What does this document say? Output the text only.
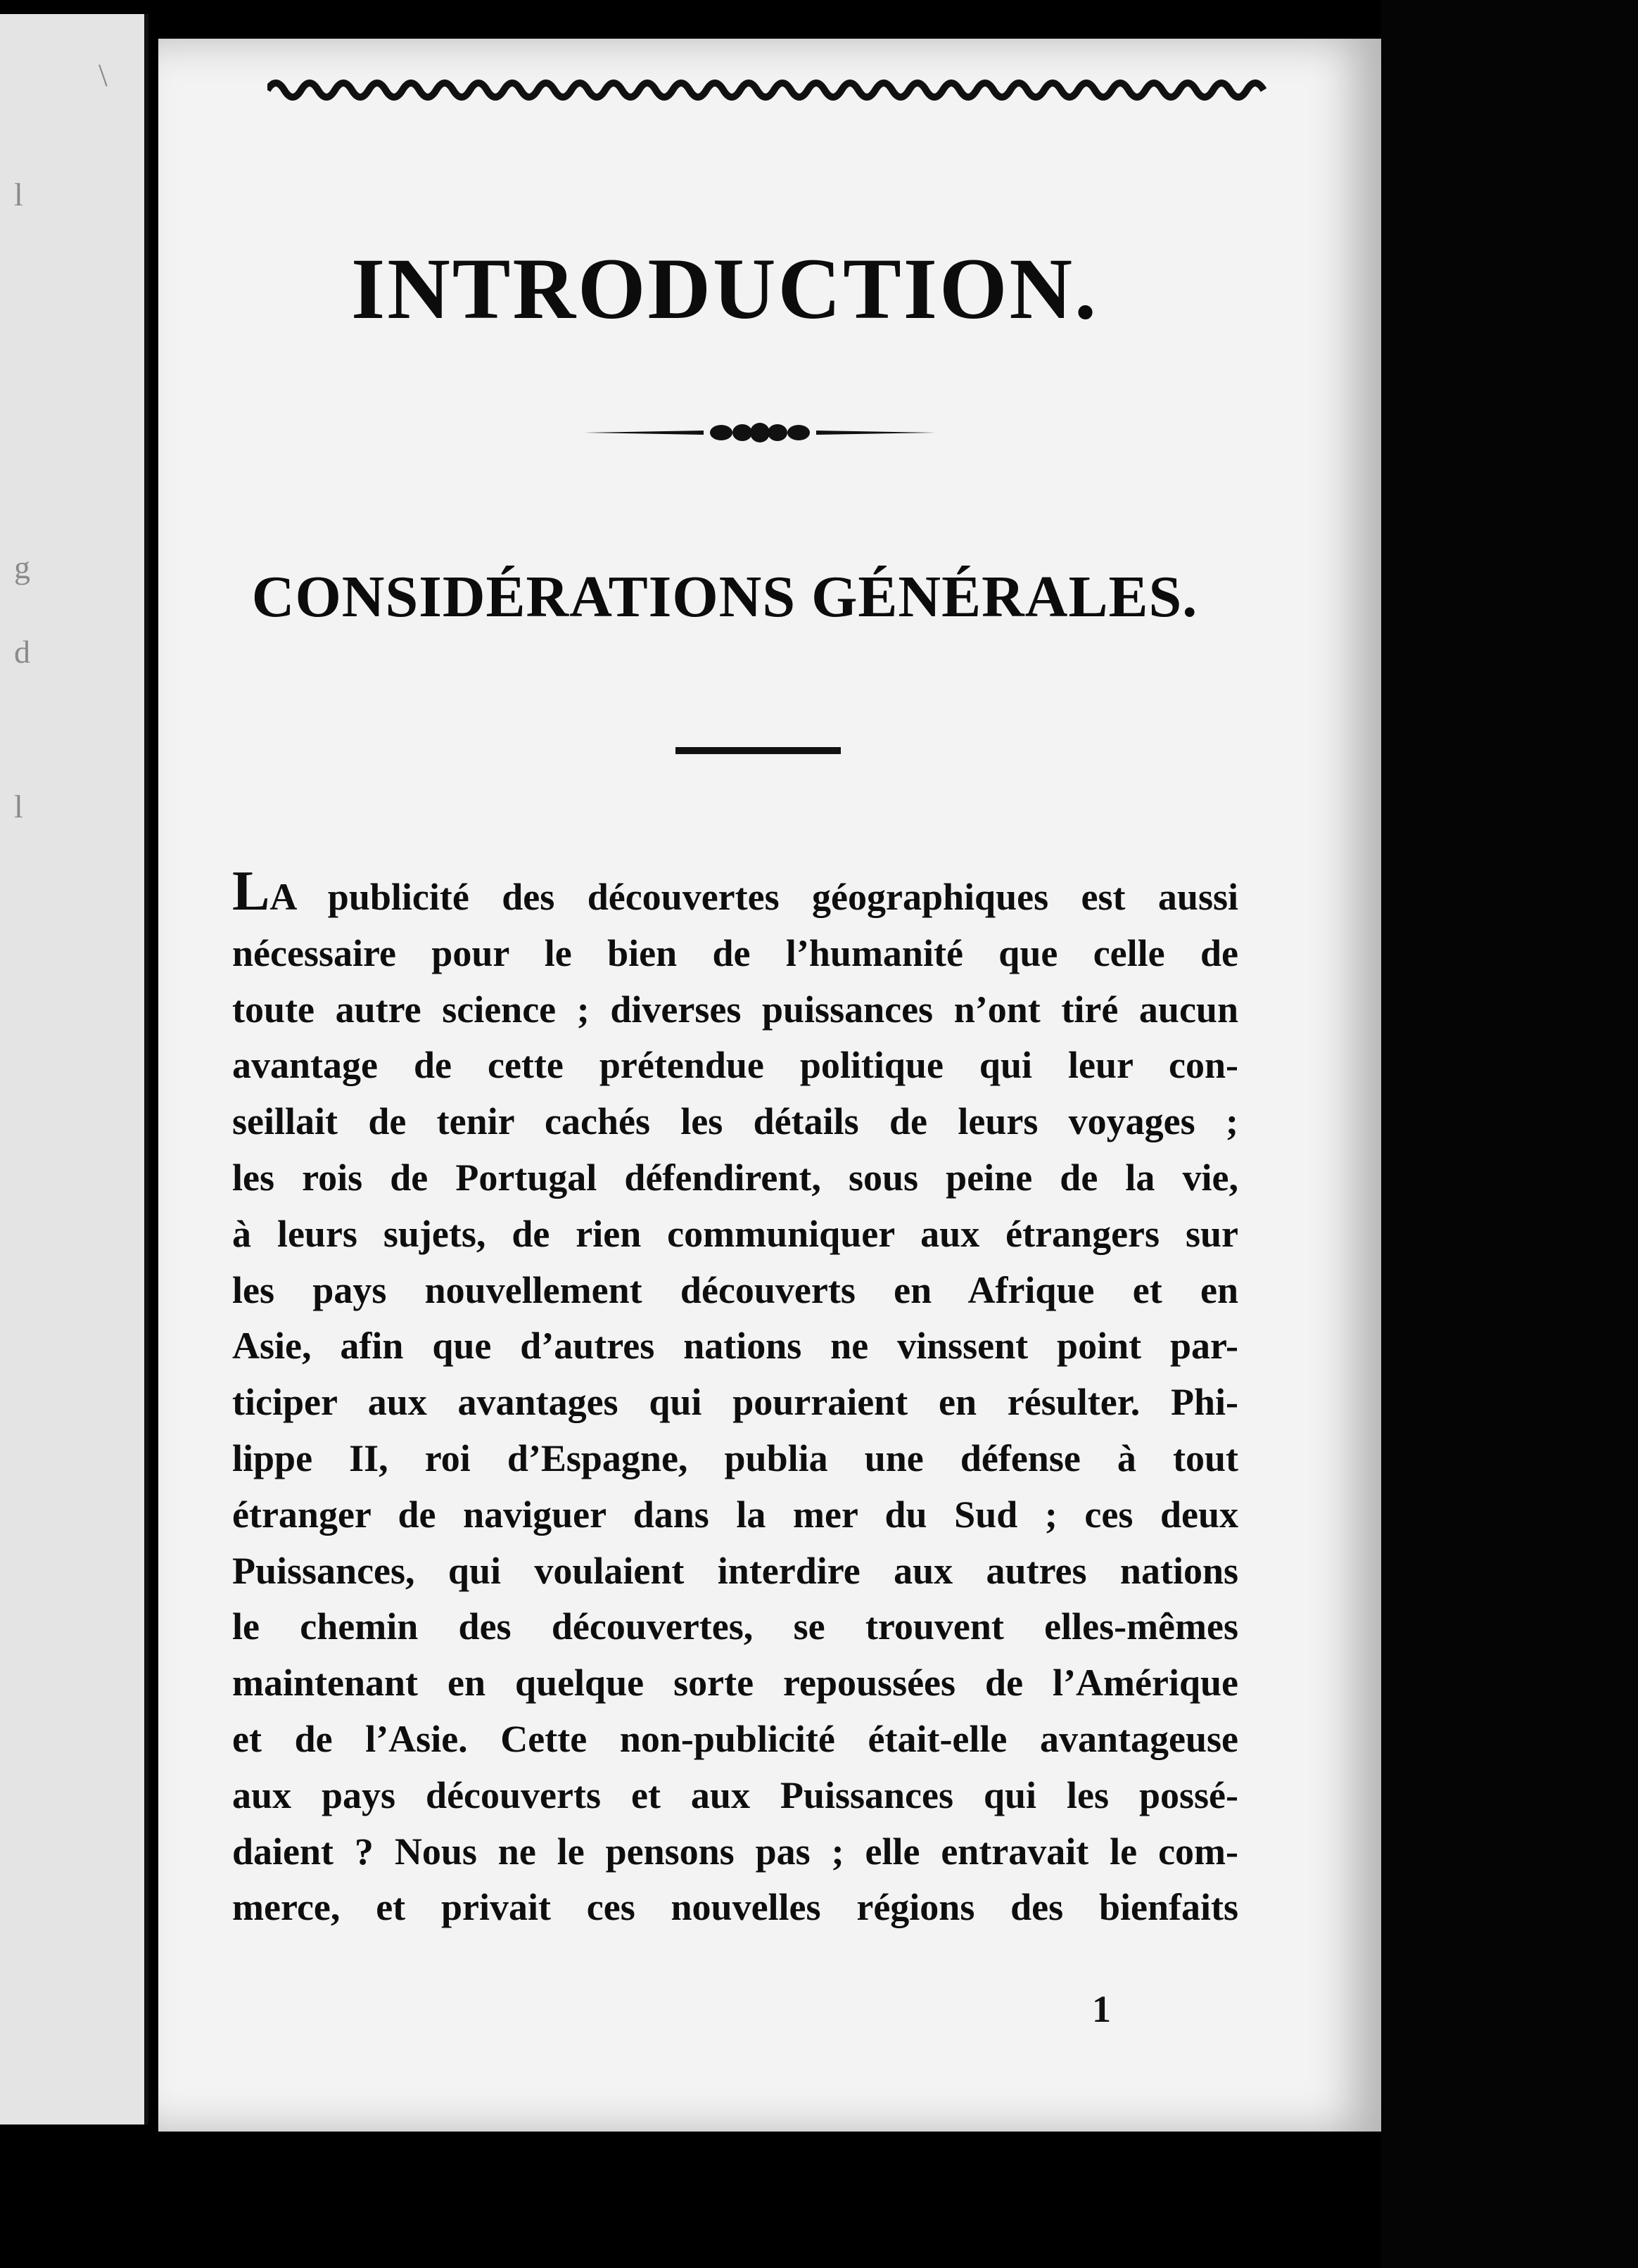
\
l
g
d
l
INTRODUCTION.
CONSIDÉRATIONS GÉNÉRALES.
LA publicité des découvertes géographiques est aussi
nécessaire pour le bien de l’humanité que celle de
toute autre science ; diverses puissances n’ont tiré aucun
avantage de cette prétendue politique qui leur con-
seillait de tenir cachés les détails de leurs voyages ;
les rois de Portugal défendirent, sous peine de la vie,
à leurs sujets, de rien communiquer aux étrangers sur
les pays nouvellement découverts en Afrique et en
Asie, afin que d’autres nations ne vinssent point par-
ticiper aux avantages qui pourraient en résulter. Phi-
lippe II, roi d’Espagne, publia une défense à tout
étranger de naviguer dans la mer du Sud ; ces deux
Puissances, qui voulaient interdire aux autres nations
le chemin des découvertes, se trouvent elles-mêmes
maintenant en quelque sorte repoussées de l’Amérique
et de l’Asie. Cette non-publicité était-elle avantageuse
aux pays découverts et aux Puissances qui les possé-
daient ? Nous ne le pensons pas ; elle entravait le com-
merce, et privait ces nouvelles régions des bienfaits

1
